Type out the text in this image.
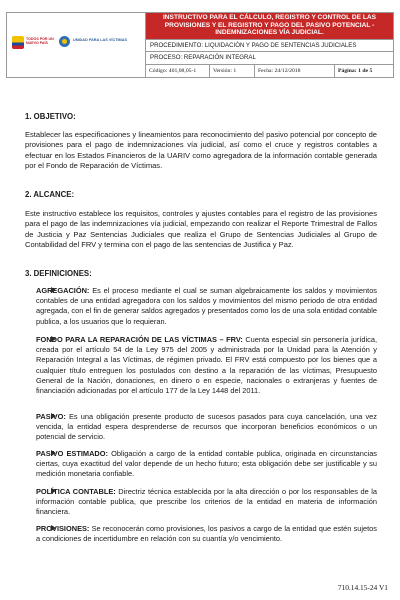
TODOS POR UN NUEVO PAÍS
UNIDAD PARA LAS VÍCTIMAS
INSTRUCTIVO PARA EL CÁLCULO, REGISTRO Y CONTROL DE LAS PROVISIONES Y EL REGISTRO Y PAGO DEL PASIVO POTENCIAL - INDEMNIZACIONES VÍA JUDICIAL.
PROCEDIMIENTO: LIQUIDACIÓN Y PAGO DE SENTENCIAS JUDICIALES
PROCESO: REPARACIÓN INTEGRAL
Código: 401,08,05-1	Versión: 1	Fecha: 24/12/2018	Página: 1 de 5
1. OBJETIVO:
Establecer las especificaciones y lineamientos para reconocimiento del pasivo potencial por concepto de provisiones para el pago de indemnizaciones vía judicial, así como el cruce y registros contables a efectuar en los Estados Financieros de la UARIV como agregadora de la información contable generada por el Fondo de Reparación de Víctimas.
2. ALCANCE:
Este instructivo establece los requisitos, controles y ajustes contables para el registro de las provisiones para el pago de las indemnizaciones vía judicial, empezando con realizar el Reporte Trimestral de Fallos de Justicia y Paz Sentencias Judiciales que realiza el Grupo de Sentencias Judiciales al Grupo de Contabilidad del FRV y termina con el pago de las sentencias de Justifica y Paz.
3. DEFINICIONES:
AGREGACIÓN: Es el proceso mediante el cual se suman algebraicamente los saldos y movimientos contables de una entidad agregadora con los saldos y movimientos del mismo periodo de otra entidad agregada, con el fin de generar saldos agregados y presentados como los de una sola entidad contable publica, a los usuarios que lo requieran.
FONDO PARA LA REPARACIÓN DE LAS VÍCTIMAS – FRV: Cuenta especial sin personería jurídica, creada por el artículo 54 de la Ley 975 del 2005 y administrada por la Unidad para la Atención y Reparación Integral a las Víctimas, de régimen privado. El FRV está compuesto por los bienes que a cualquier título entreguen los postulados con destino a la reparación de las víctimas, Presupuesto General de la Nación, donaciones, en dinero o en especie, nacionales o extranjeras y fuentes de financiación adicionadas por el artículo 177 de la Ley 1448 del 2011.
PASIVO: Es una obligación presente producto de sucesos pasados para cuya cancelación, una vez vencida, la entidad espera desprenderse de recursos que incorporan beneficios económicos o un potencial de servicio.
PASIVO ESTIMADO: Obligación a cargo de la entidad contable publica, originada en circunstancias ciertas, cuya exactitud del valor depende de un hecho futuro; esta obligación debe ser justificable y su medición monetaria confiable.
POLÍTICA CONTABLE: Directriz técnica establecida por la alta dirección o por los responsables de la información contable publica, que prescribe los criterios de la entidad en materia de información financiera.
PROVISIONES: Se reconocerán como provisiones, los pasivos a cargo de la entidad que estén sujetos a condiciones de incertidumbre en relación con su cuantía y/o vencimiento.
710.14.15-24 V1
